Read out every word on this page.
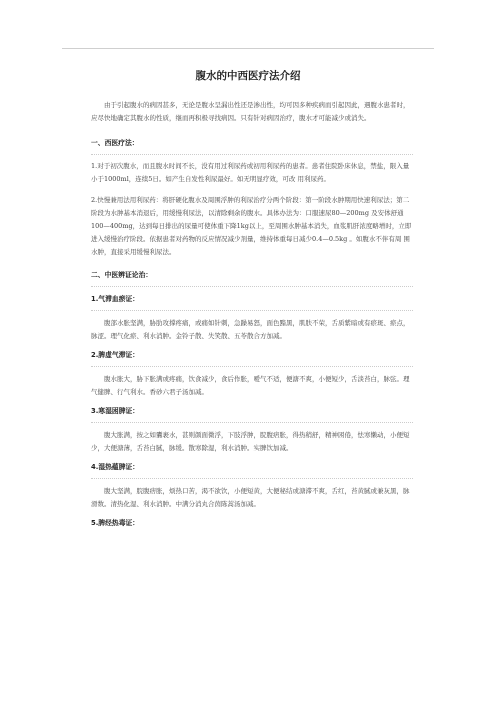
腹水的中西医疗法介绍

由于引起腹水的病因甚多，无论是腹水呈漏出性还是渗出性，均可因多种疾病而引起因此，遇腹水患者时，应尽快地确定其腹水的性质，继而再积极寻找病因。只有针对病因治疗，腹水才可能减少或消失。

一、西医疗法：

1.对于初次腹水，而且腹水时间不长，没有用过利尿药或初用利尿药的患者。患者住院卧床休息，禁盐，限入量小于1000ml，连续5日。如产生自发性利尿最好。如无明显疗效，可改 用利尿药。

2.快慢兼用法用利尿药：将肝硬化腹水及周围浮肿的利尿治疗分两个阶段：第一阶段水肿期用快速利尿法；第二阶段为水肿基本消退后，用缓慢利尿法，以清除剩余的腹水。具体办法为：口服速尿80—200mg 及安体舒通100—400mg，达到每日排出的尿量可使体重下降1kg以上，至周围水肿基本消失，血浆肌肝浓度略增时，立即进入缓慢治疗阶段。依据患者对药物的反应情况减少剂量，维持体重每日减少0.4—0.5kg 。如腹水不伴有周 围水肿，直接采用缓慢利尿法。

二、中医辨证论治：

1.气滞血瘀证：

腹部水胀坚满，胁肋攻撑疼痛，或痛如针刺，急躁易怒，面色黯黑，肌肤不荣，舌质紫暗或有瘀斑、瘀点，脉涩。理气化瘀、利水消肿。金铃子散、失笑散、五苓散合方加减。

2.脾虚气滞证：

腹水胀大，胁下胀满或疼痛，饮食减少，食后作胀，嗳气不适，便溏不爽，小便短少，舌淡苔白，脉弦。理气健脾、行气利水。香砂六君子汤加减。

3.寒湿困脾证：

腹大胀满，按之如囊裹水，甚则颜面微浮，下肢浮肿，脘腹痞胀，得热稍舒，精神困倦，怯寒懒动，小便短少，大便溏薄，舌苔白腻，脉缓。散寒除湿，利水消肿。实脾饮加减。

4.湿热蕴脾证：

腹大坚满，脘腹痞胀，烦热口苦，渴不欲饮，小便短黄，大便秘结或溏滞不爽，舌红，苔黄腻或兼灰黑，脉滑数。清热化湿、利水消肿。中满分消丸合茵陈蒿汤加减。

5.脾经热毒证：
